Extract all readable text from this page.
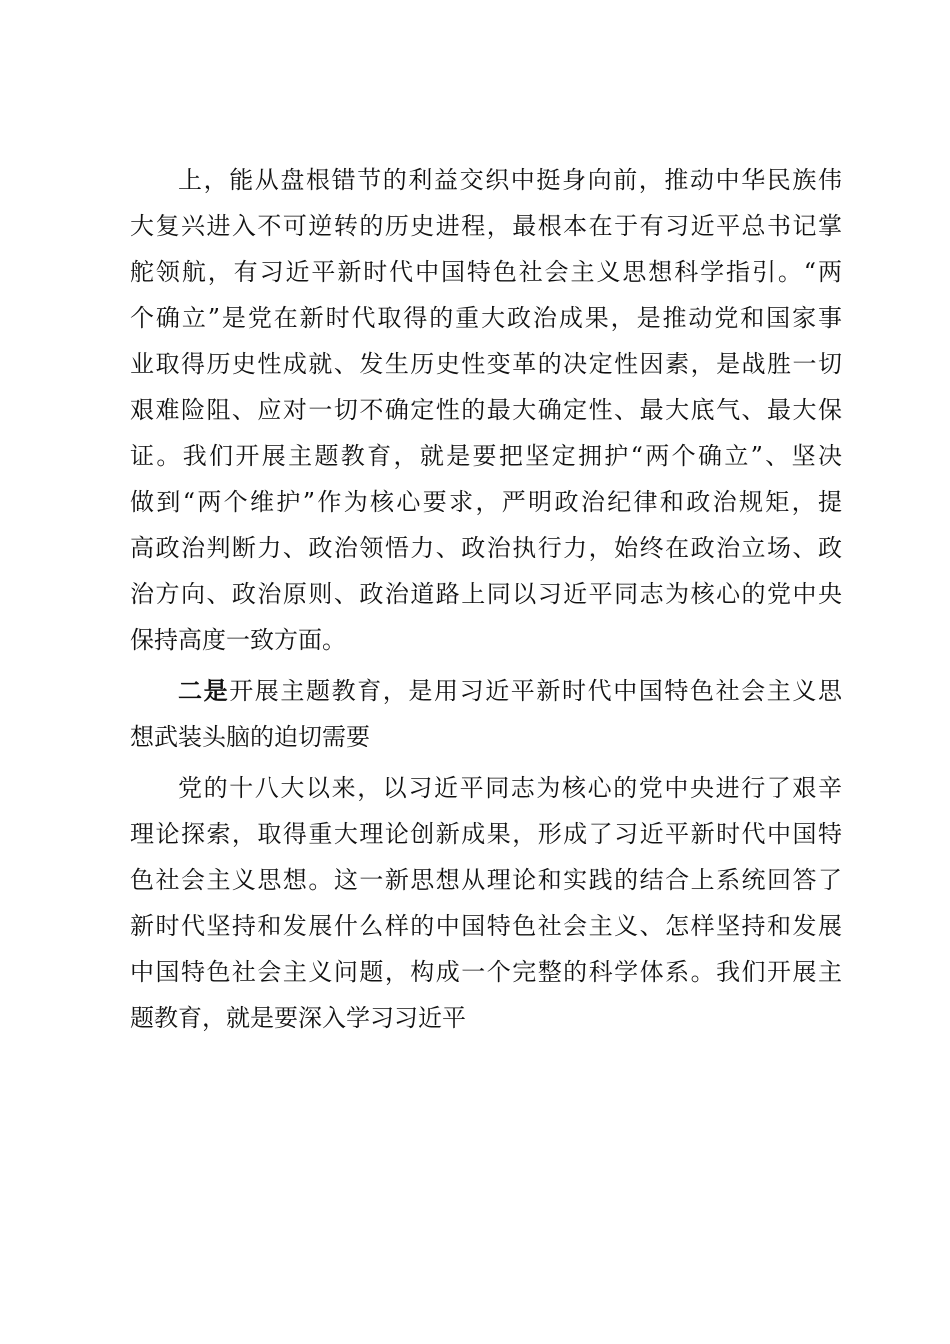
上，能从盘根错节的利益交织中挺身向前，推动中华民族伟
大复兴进入不可逆转的历史进程，最根本在于有习近平总书记掌
舵领航，有习近平新时代中国特色社会主义思想科学指引。“两
个确立”是党在新时代取得的重大政治成果，是推动党和国家事
业取得历史性成就、发生历史性变革的决定性因素，是战胜一切
艰难险阻、应对一切不确定性的最大确定性、最大底气、最大保
证。我们开展主题教育，就是要把坚定拥护“两个确立”、坚决
做到“两个维护”作为核心要求，严明政治纪律和政治规矩，提
高政治判断力、政治领悟力、政治执行力，始终在政治立场、政
治方向、政治原则、政治道路上同以习近平同志为核心的党中央
保持高度一致方面。
二是开展主题教育，是用习近平新时代中国特色社会主义思
想武装头脑的迫切需要
党的十八大以来，以习近平同志为核心的党中央进行了艰辛
理论探索，取得重大理论创新成果，形成了习近平新时代中国特
色社会主义思想。这一新思想从理论和实践的结合上系统回答了
新时代坚持和发展什么样的中国特色社会主义、怎样坚持和发展
中国特色社会主义问题，构成一个完整的科学体系。我们开展主
题教育，就是要深入学习习近平
